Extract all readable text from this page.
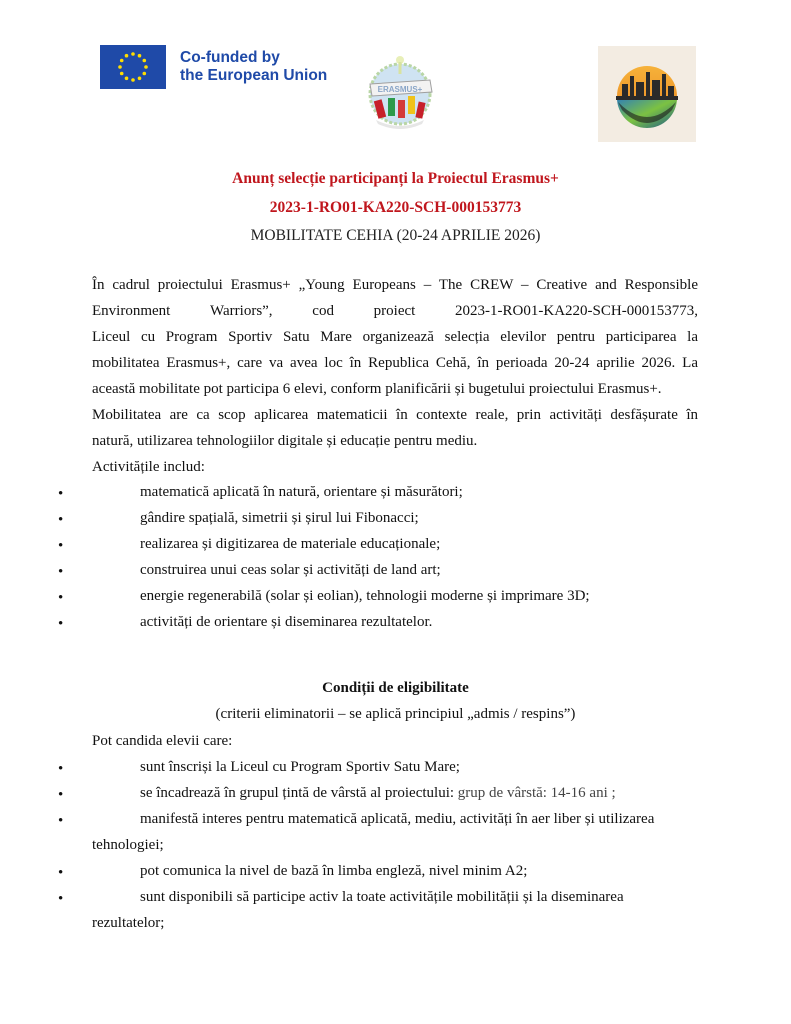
Co-funded by
the European Union
ERASMUS+
Anunț selecție participanți la Proiectul Erasmus+
2023-1-RO01-KA220-SCH-000153773
MOBILITATE CEHIA (20-24 APRILIE 2026)
În cadrul proiectului Erasmus+ „Young Europeans – The CREW – Creative and Responsible
Environment	Warriors”,	cod	proiect	2023-1-RO01-KA220-SCH-000153773,
Liceul cu Program Sportiv Satu Mare organizează selecția elevilor pentru participarea la
mobilitatea Erasmus+, care va avea loc în Republica Cehă, în perioada 20-24 aprilie 2026. La
această mobilitate pot participa 6 elevi, conform planificării și bugetului proiectului Erasmus+.
Mobilitatea are ca scop aplicarea matematicii în contexte reale, prin activități desfășurate în
natură, utilizarea tehnologiilor digitale și educație pentru mediu.
Activitățile includ:
•	matematică aplicată în natură, orientare și măsurători;
•	gândire spațială, simetrii și șirul lui Fibonacci;
•	realizarea și digitizarea de materiale educaționale;
•	construirea unui ceas solar și activități de land art;
•	energie regenerabilă (solar și eolian), tehnologii moderne și imprimare 3D;
•	activități de orientare și diseminarea rezultatelor.
Condiții de eligibilitate
(criterii eliminatorii – se aplică principiul „admis / respins”)
Pot candida elevii care:
•	sunt înscriși la Liceul cu Program Sportiv Satu Mare;
•	se încadrează în grupul țintă de vârstă al proiectului: grup de vârstă: 14-16 ani ;
•	manifestă interes pentru matematică aplicată, mediu, activități în aer liber și utilizarea
tehnologiei;
•	pot comunica la nivel de bază în limba engleză, nivel minim A2;
•	sunt disponibili să participe activ la toate activitățile mobilității și la diseminarea
rezultatelor;
